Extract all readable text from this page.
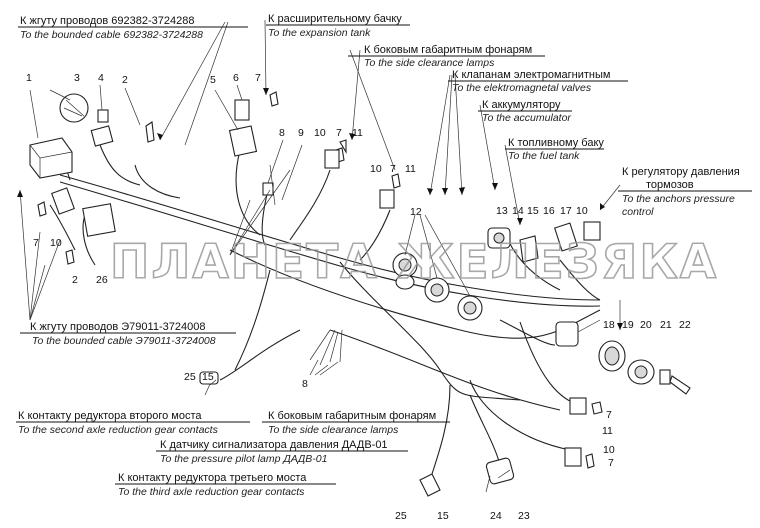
ПЛАНЕТА ЖЕЛЕЗЯКА
К жгуту проводов 692382-3724288
To the bounded cable 692382-3724288
К расширительному бачку
To the expansion tank
К боковым габаритным фонарям
To the side clearance lamps
К клапанам электромагнитным
To the elektromagnetal valves
К аккумулятору
To the accumulator
К топливному баку
To the fuel tank
К регулятору давления
тормозов
To the anchors pressure
control
К жгуту проводов Э79011-3724008
To the bounded cable Э79011-3724008
К контакту редуктора второго моста
To the second axle reduction gear contacts
К боковым габаритным фонарям
To the side clearance lamps
К датчику сигнализатора давления ДАДВ-01
To the pressure pilot lamp ДАДВ-01
К контакту редуктора третьего моста
To the third axle reduction gear contacts
1	3 4 2	5 6 7
8 9 10 7 11
10 7 11
12	13 14 15 16 17 10
7 10
2 26
18 19 20 21 22
25 15
8
7
11
10
7
25	15	24 23
